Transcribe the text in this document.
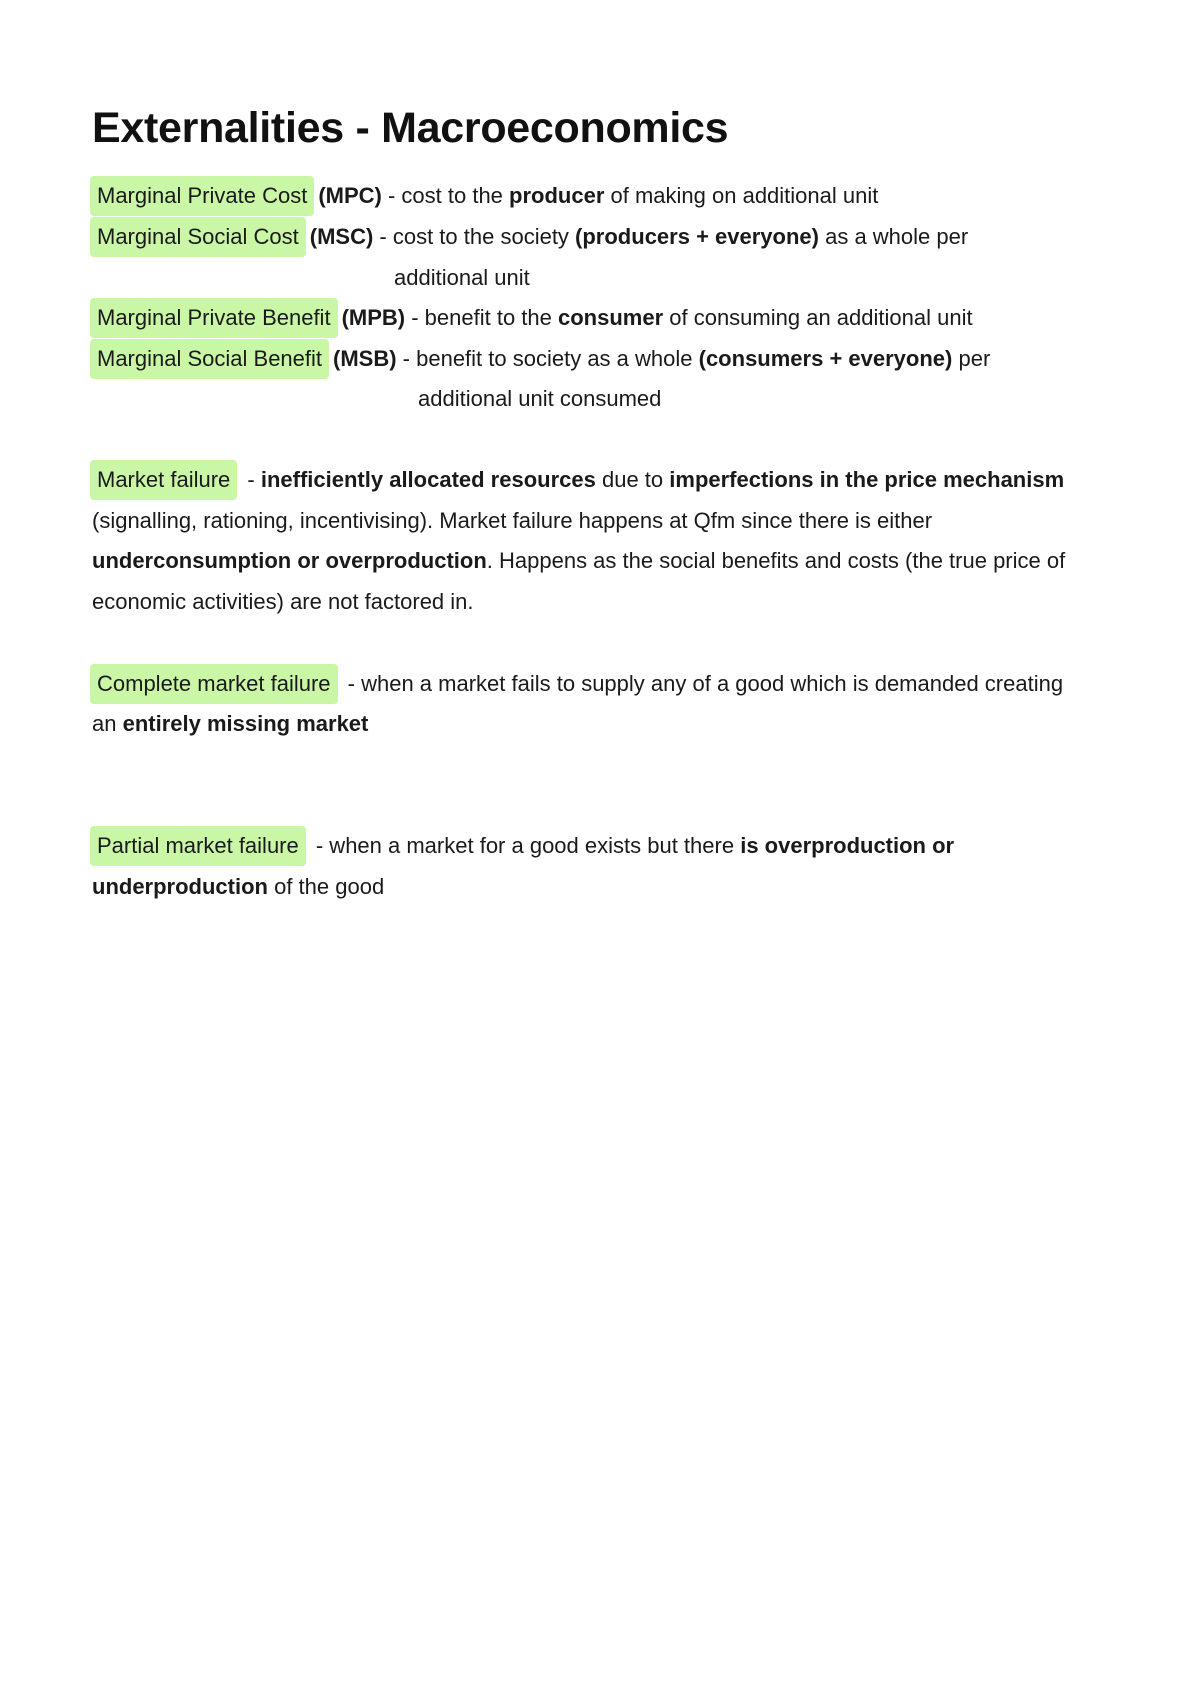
Externalities - Macroeconomics
Marginal Private Cost (MPC) - cost to the producer of making on additional unit
Marginal Social Cost (MSC) - cost to the society (producers + everyone) as a whole per
additional unit
Marginal Private Benefit (MPB) - benefit to the consumer of consuming an additional unit
Marginal Social Benefit (MSB) - benefit to society as a whole (consumers + everyone) per
additional unit consumed
Market failure - inefficiently allocated resources due to imperfections in the price mechanism
(signalling, rationing, incentivising). Market failure happens at Qfm since there is either
underconsumption or overproduction. Happens as the social benefits and costs (the true price of
economic activities) are not factored in.
Complete market failure - when a market fails to supply any of a good which is demanded creating
an entirely missing market
Partial market failure - when a market for a good exists but there is overproduction or
underproduction of the good
